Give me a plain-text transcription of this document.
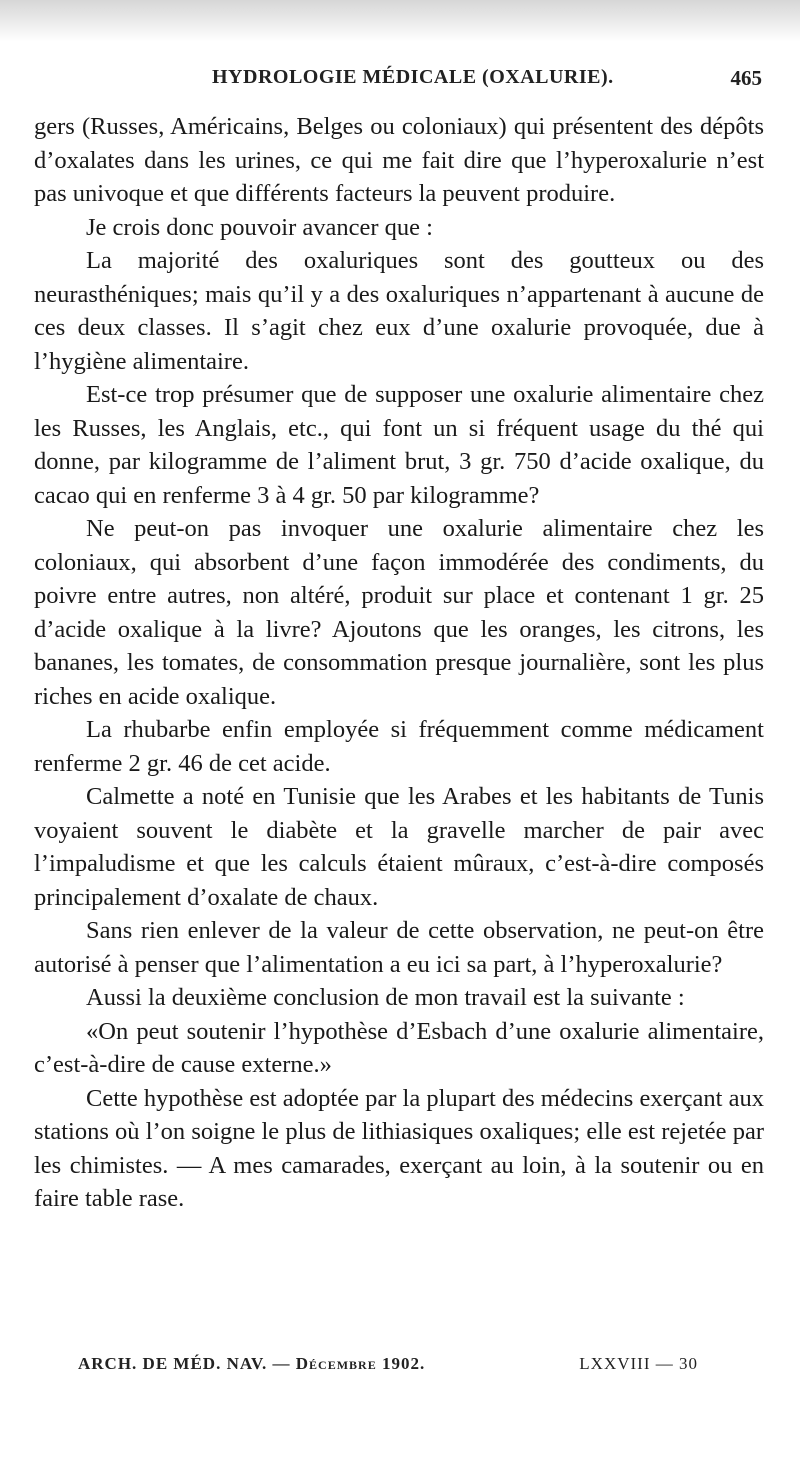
HYDROLOGIE MÉDICALE (OXALURIE).	465

gers (Russes, Américains, Belges ou coloniaux) qui présentent des dépôts d’oxalates dans les urines, ce qui me fait dire que l’hyperoxalurie n’est pas univoque et que différents facteurs la peuvent produire.

Je crois donc pouvoir avancer que :

La majorité des oxaluriques sont des goutteux ou des neurasthéniques; mais qu’il y a des oxaluriques n’appartenant à aucune de ces deux classes. Il s’agit chez eux d’une oxalurie provoquée, due à l’hygiène alimentaire.

Est-ce trop présumer que de supposer une oxalurie alimentaire chez les Russes, les Anglais, etc., qui font un si fréquent usage du thé qui donne, par kilogramme de l’aliment brut, 3 gr. 750 d’acide oxalique, du cacao qui en renferme 3 à 4 gr. 50 par kilogramme?

Ne peut-on pas invoquer une oxalurie alimentaire chez les coloniaux, qui absorbent d’une façon immodérée des condiments, du poivre entre autres, non altéré, produit sur place et contenant 1 gr. 25 d’acide oxalique à la livre? Ajoutons que les oranges, les citrons, les bananes, les tomates, de consommation presque journalière, sont les plus riches en acide oxalique.

La rhubarbe enfin employée si fréquemment comme médicament renferme 2 gr. 46 de cet acide.

Calmette a noté en Tunisie que les Arabes et les habitants de Tunis voyaient souvent le diabète et la gravelle marcher de pair avec l’impaludisme et que les calculs étaient mûraux, c’est-à-dire composés principalement d’oxalate de chaux.

Sans rien enlever de la valeur de cette observation, ne peut-on être autorisé à penser que l’alimentation a eu ici sa part, à l’hyperoxalurie?

Aussi la deuxième conclusion de mon travail est la suivante :

«On peut soutenir l’hypothèse d’Esbach d’une oxalurie alimentaire, c’est-à-dire de cause externe.»

Cette hypothèse est adoptée par la plupart des médecins exerçant aux stations où l’on soigne le plus de lithiasiques oxaliques; elle est rejetée par les chimistes. — A mes camarades, exerçant au loin, à la soutenir ou en faire table rase.

ARCH. DE MÉD. NAV. — Décembre 1902.	LXXVIII — 30
